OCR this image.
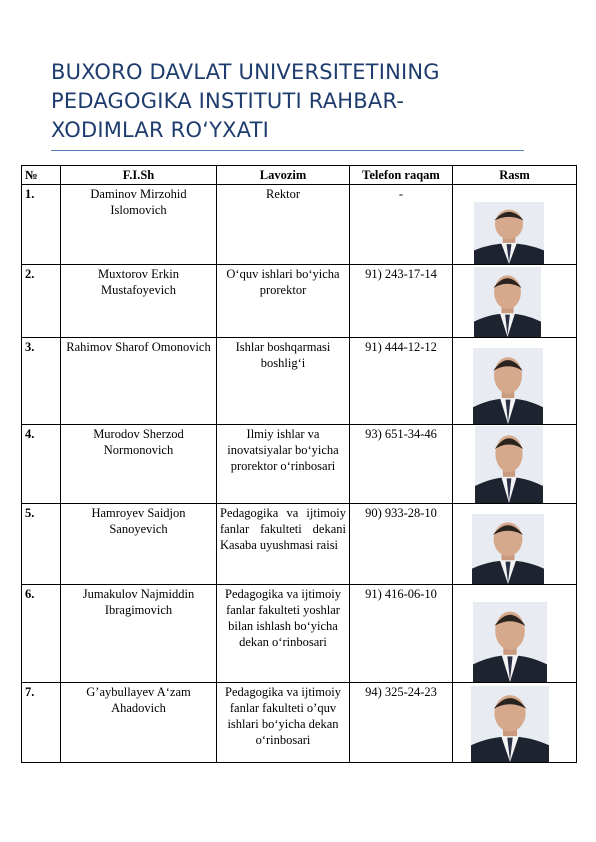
BUXORO DAVLAT UNIVERSITETINING
PEDAGOGIKA INSTITUTI RAHBAR-
XODIMLAR RO‘YXATI
№	F.I.Sh	Lavozim	Telefon raqam	Rasm
1.	Daminov Mirzohid Islomovich	Rektor	-	

2.	Muxtorov Erkin Mustafoyevich	O‘quv ishlari bo‘yicha prorektor	91) 243-17-14	

3.	Rahimov Sharof Omonovich	Ishlar boshqarmasi boshlig‘i	91) 444-12-12	

4.	Murodov Sherzod Normonovich	Ilmiy ishlar va inovatsiyalar bo‘yicha prorektor o‘rinbosari	93) 651-34-46	

5.	Hamroyev Saidjon Sanoyevich	Pedagogika va ijtimoiy fanlar fakulteti dekani Kasaba uyushmasi raisi	90) 933-28-10	

6.	Jumakulov Najmiddin Ibragimovich	Pedagogika va ijtimoiy fanlar fakulteti yoshlar bilan ishlash bo‘yicha dekan o‘rinbosari	91) 416-06-10	

7.	G’aybullayev A‘zam Ahadovich	Pedagogika va ijtimoiy fanlar fakulteti o’quv ishlari bo‘yicha dekan o‘rinbosari	94) 325-24-23	
